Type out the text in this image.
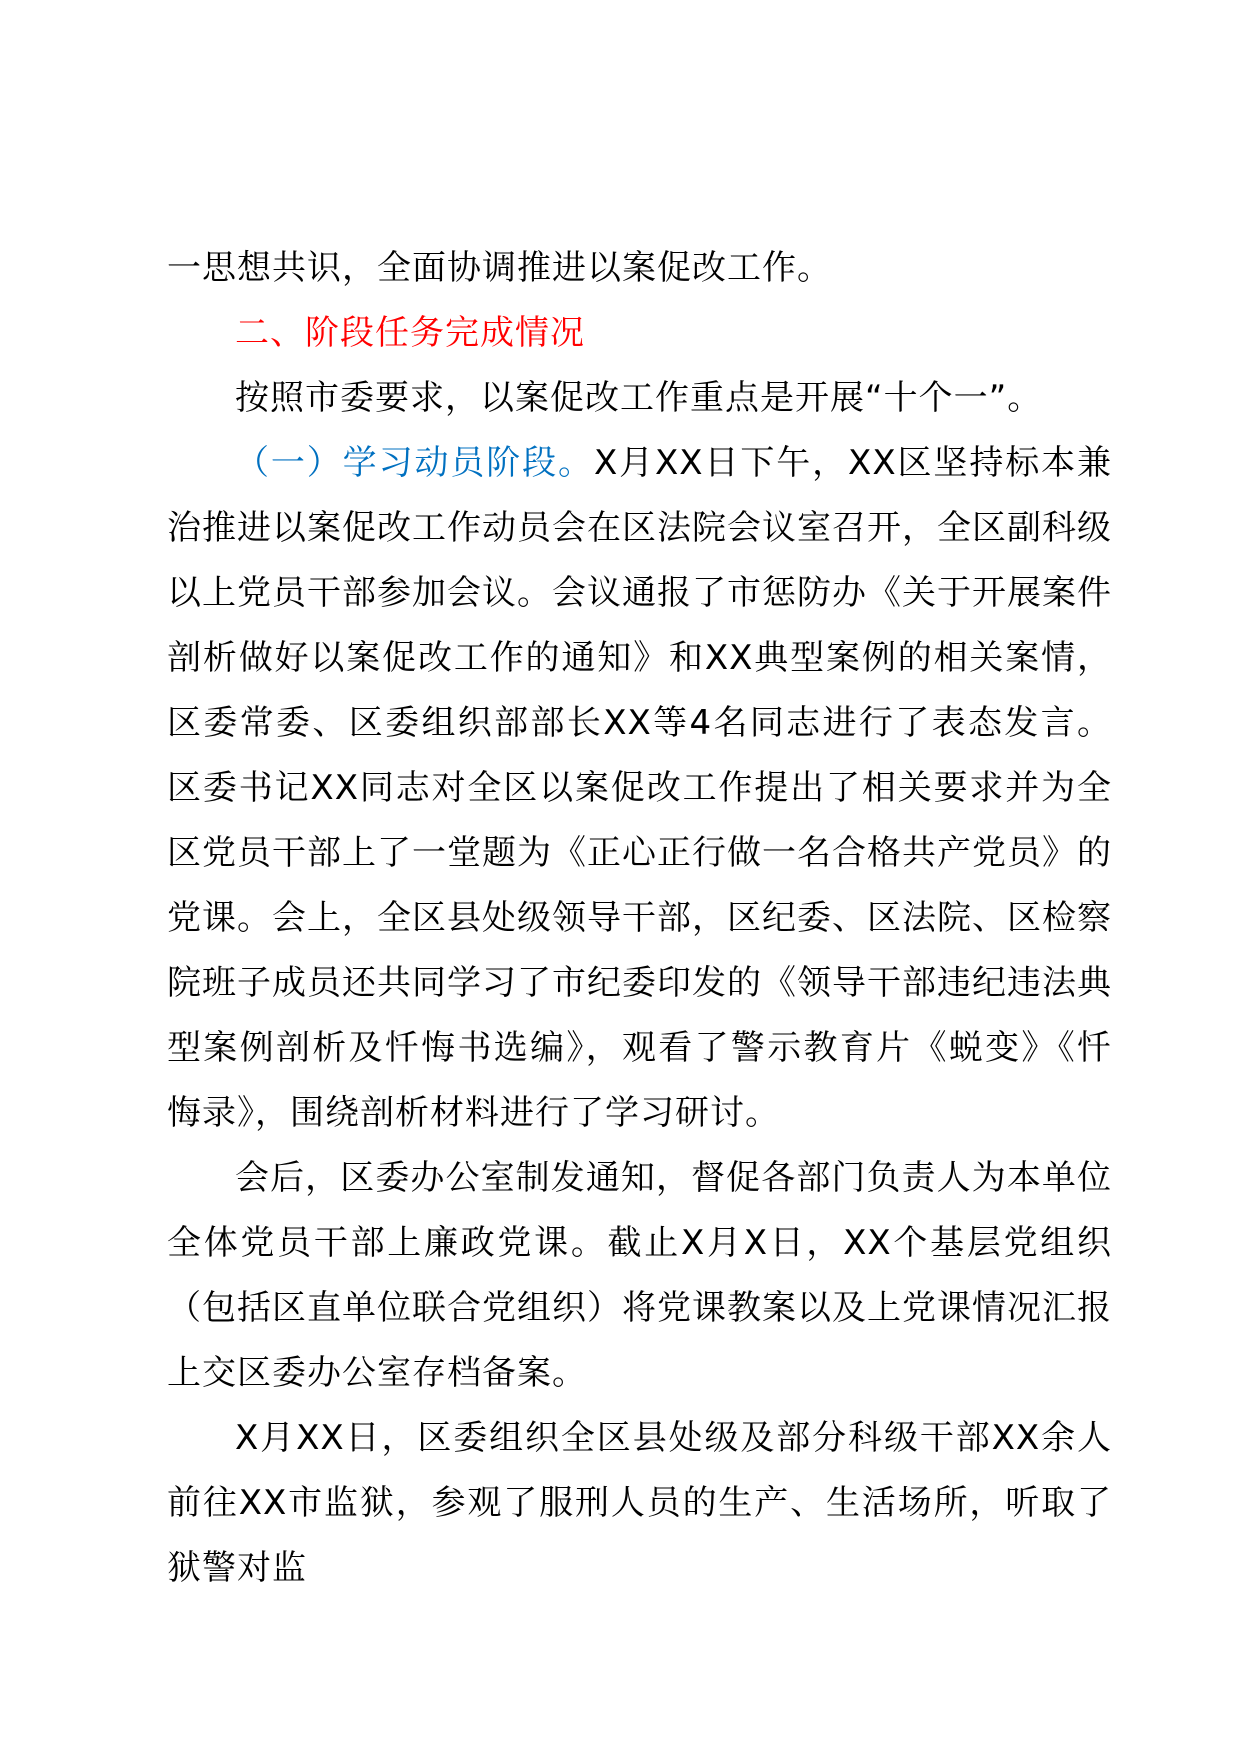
一思想共识，全面协调推进以案促改工作。

二、阶段任务完成情况

按照市委要求，以案促改工作重点是开展“十个一”。

（一）学习动员阶段。X月XX日下午，XX区坚持标本兼治推进以案促改工作动员会在区法院会议室召开，全区副科级以上党员干部参加会议。会议通报了市惩防办《关于开展案件剖析做好以案促改工作的通知》和XX典型案例的相关案情，区委常委、区委组织部部长XX等4名同志进行了表态发言。区委书记XX同志对全区以案促改工作提出了相关要求并为全区党员干部上了一堂题为《正心正行做一名合格共产党员》的党课。会上，全区县处级领导干部，区纪委、区法院、区检察院班子成员还共同学习了市纪委印发的《领导干部违纪违法典型案例剖析及忏悔书选编》，观看了警示教育片《蜕变》《忏悔录》，围绕剖析材料进行了学习研讨。

会后，区委办公室制发通知，督促各部门负责人为本单位全体党员干部上廉政党课。截止X月X日，XX个基层党组织（包括区直单位联合党组织）将党课教案以及上党课情况汇报上交区委办公室存档备案。

X月XX日，区委组织全区县处级及部分科级干部XX余人前往XX市监狱，参观了服刑人员的生产、生活场所，听取了狱警对监
